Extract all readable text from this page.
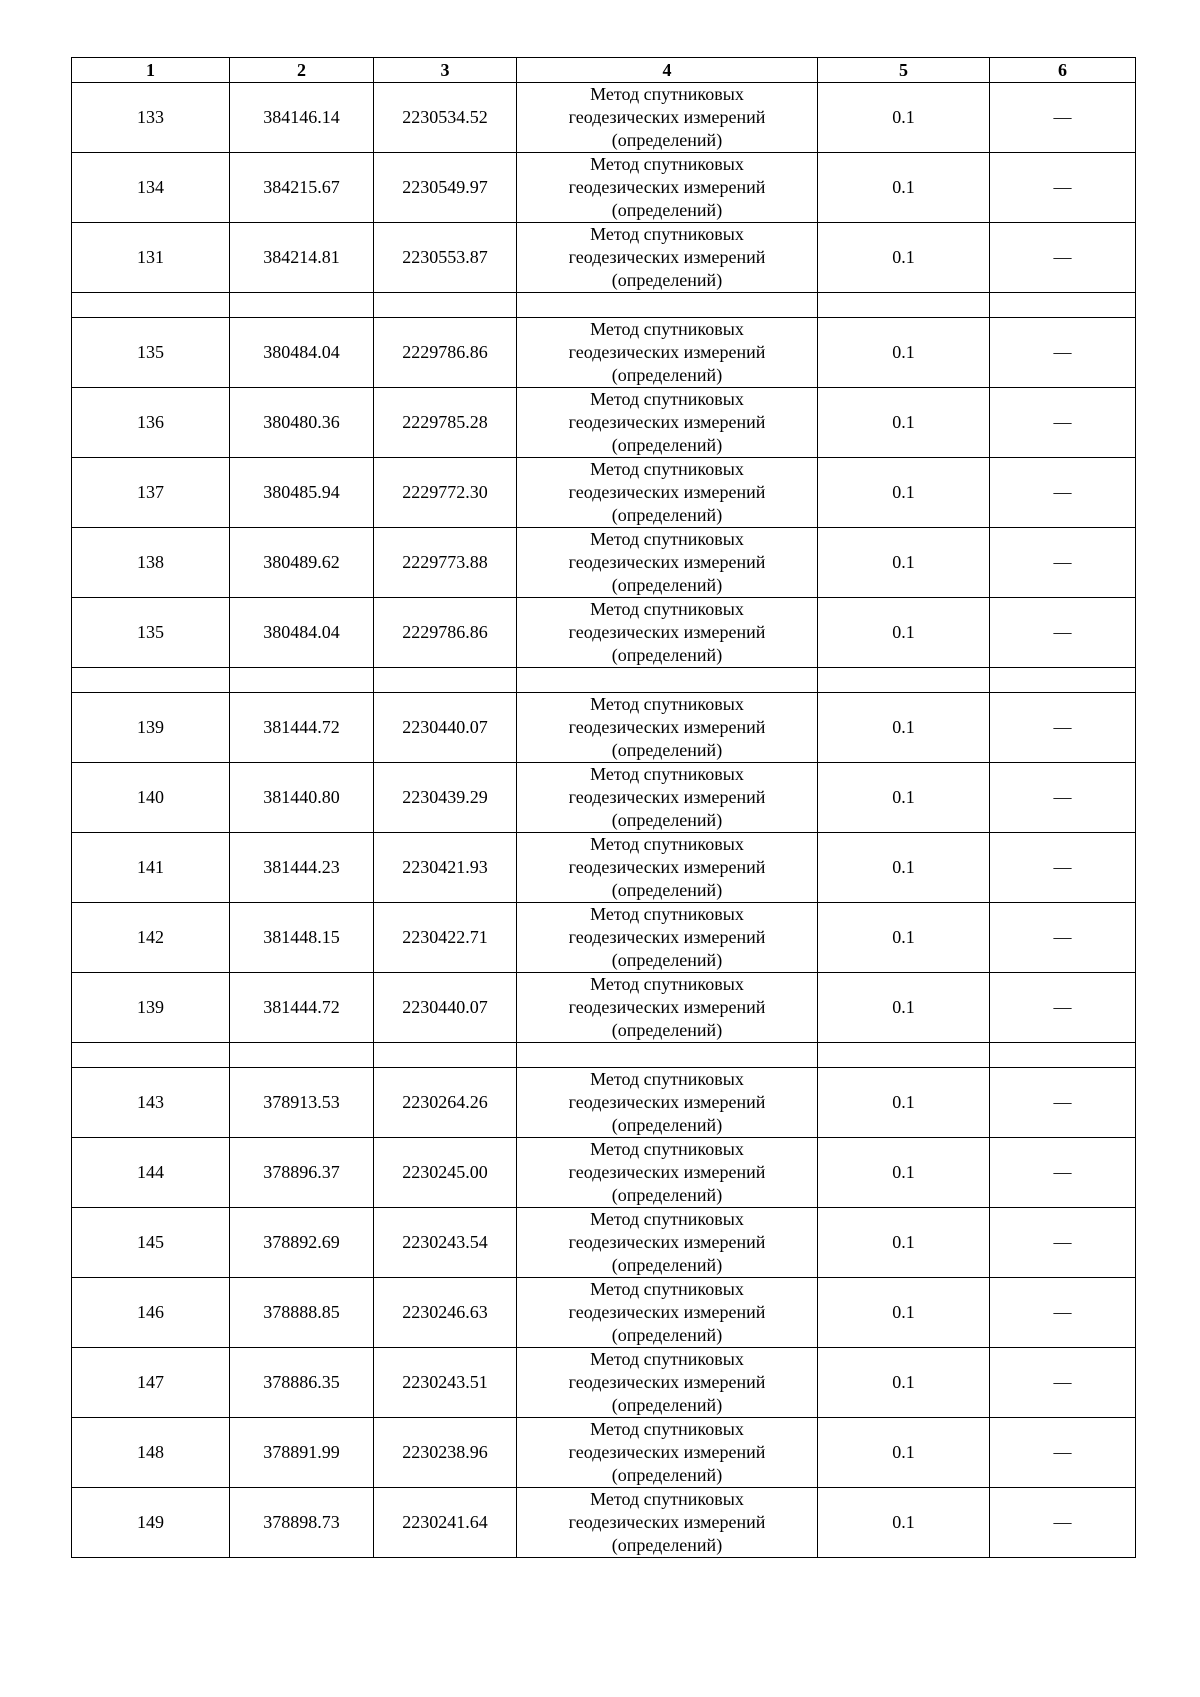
1	2	3	4	5	6
133	384146.14	2230534.52	Метод спутниковых
геодезических измерений
(определений)	0.1	—
134	384215.67	2230549.97	Метод спутниковых
геодезических измерений
(определений)	0.1	—
131	384214.81	2230553.87	Метод спутниковых
геодезических измерений
(определений)	0.1	—

135	380484.04	2229786.86	Метод спутниковых
геодезических измерений
(определений)	0.1	—
136	380480.36	2229785.28	Метод спутниковых
геодезических измерений
(определений)	0.1	—
137	380485.94	2229772.30	Метод спутниковых
геодезических измерений
(определений)	0.1	—
138	380489.62	2229773.88	Метод спутниковых
геодезических измерений
(определений)	0.1	—
135	380484.04	2229786.86	Метод спутниковых
геодезических измерений
(определений)	0.1	—

139	381444.72	2230440.07	Метод спутниковых
геодезических измерений
(определений)	0.1	—
140	381440.80	2230439.29	Метод спутниковых
геодезических измерений
(определений)	0.1	—
141	381444.23	2230421.93	Метод спутниковых
геодезических измерений
(определений)	0.1	—
142	381448.15	2230422.71	Метод спутниковых
геодезических измерений
(определений)	0.1	—
139	381444.72	2230440.07	Метод спутниковых
геодезических измерений
(определений)	0.1	—

143	378913.53	2230264.26	Метод спутниковых
геодезических измерений
(определений)	0.1	—
144	378896.37	2230245.00	Метод спутниковых
геодезических измерений
(определений)	0.1	—
145	378892.69	2230243.54	Метод спутниковых
геодезических измерений
(определений)	0.1	—
146	378888.85	2230246.63	Метод спутниковых
геодезических измерений
(определений)	0.1	—
147	378886.35	2230243.51	Метод спутниковых
геодезических измерений
(определений)	0.1	—
148	378891.99	2230238.96	Метод спутниковых
геодезических измерений
(определений)	0.1	—
149	378898.73	2230241.64	Метод спутниковых
геодезических измерений
(определений)	0.1	—
